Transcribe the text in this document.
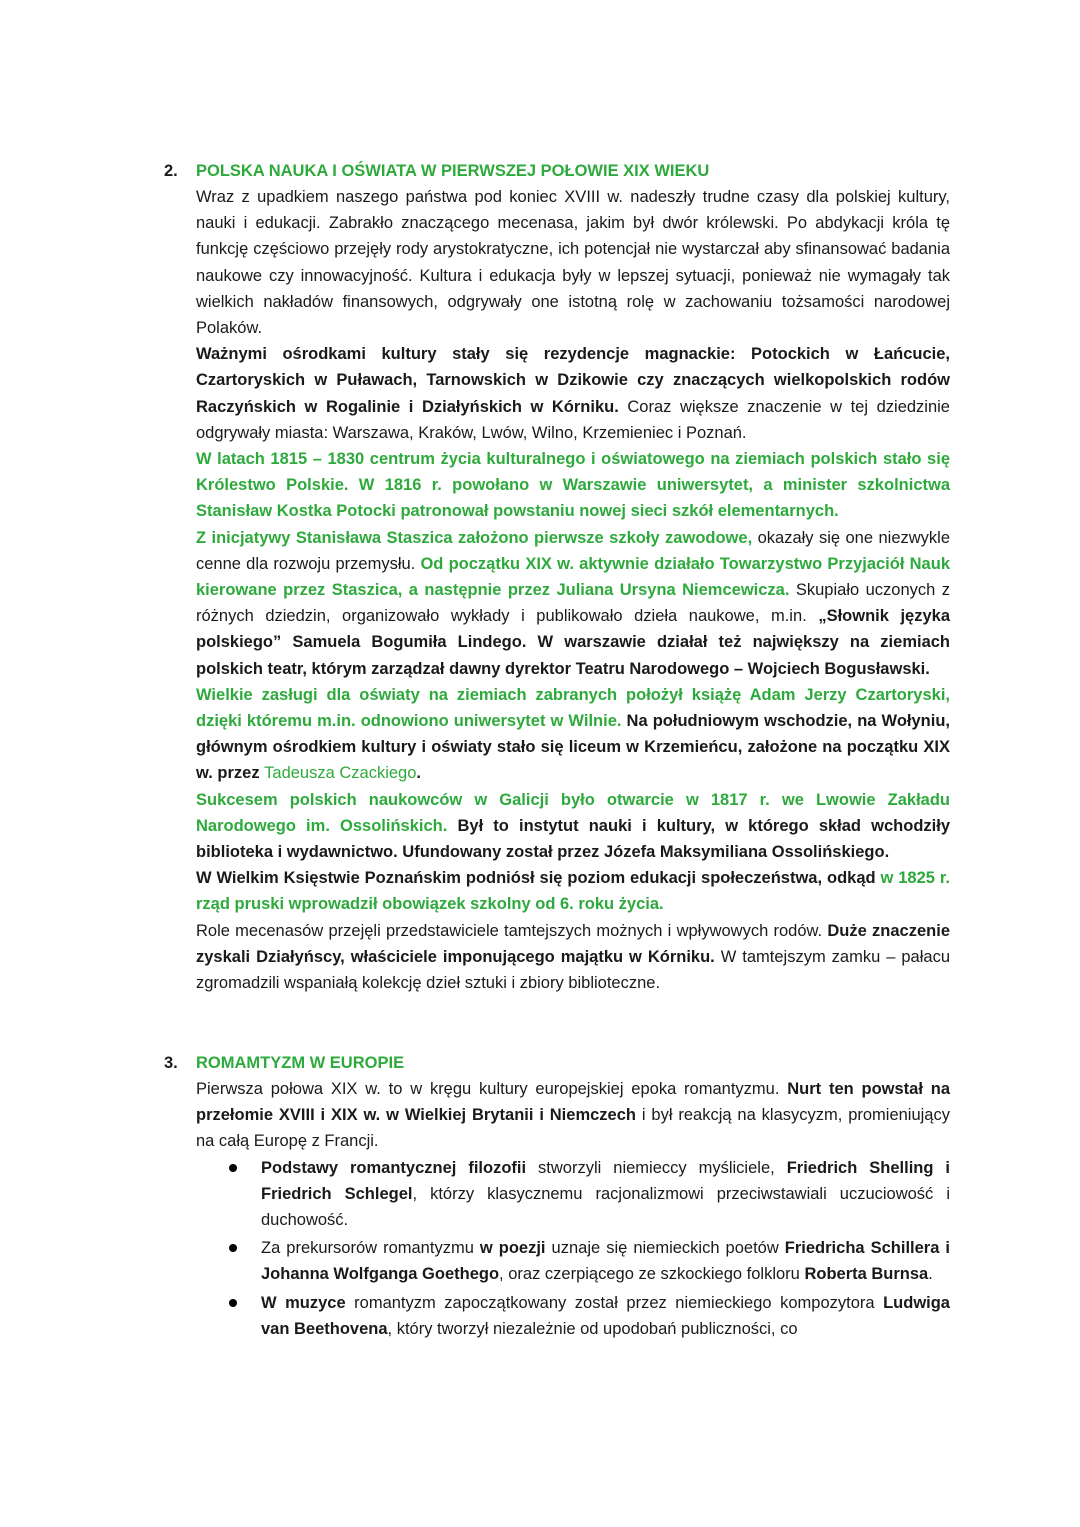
2. POLSKA NAUKA I OŚWIATA W PIERWSZEJ POŁOWIE XIX WIEKU

Wraz z upadkiem naszego państwa pod koniec XVIII w. nadeszły trudne czasy dla polskiej kultury, nauki i edukacji. Zabrakło znaczącego mecenasa, jakim był dwór królewski. Po abdykacji króla tę funkcję częściowo przejęły rody arystokratyczne, ich potencjał nie wystarczał aby sfinansować badania naukowe czy innowacyjność. Kultura i edukacja były w lepszej sytuacji, ponieważ nie wymagały tak wielkich nakładów finansowych, odgrywały one istotną rolę w zachowaniu tożsamości narodowej Polaków.

Ważnymi ośrodkami kultury stały się rezydencje magnackie: Potockich w Łańcucie, Czartoryskich w Puławach, Tarnowskich w Dzikowie czy znaczących wielkopolskich rodów Raczyńskich w Rogalinie i Działyńskich w Kórniku. Coraz większe znaczenie w tej dziedzinie odgrywały miasta: Warszawa, Kraków, Lwów, Wilno, Krzemieniec i Poznań.

W latach 1815 – 1830 centrum życia kulturalnego i oświatowego na ziemiach polskich stało się Królestwo Polskie. W 1816 r. powołano w Warszawie uniwersytet, a minister szkolnictwa Stanisław Kostka Potocki patronował powstaniu nowej sieci szkół elementarnych.

Z inicjatywy Stanisława Staszica założono pierwsze szkoły zawodowe, okazały się one niezwykle cenne dla rozwoju przemysłu. Od początku XIX w. aktywnie działało Towarzystwo Przyjaciół Nauk kierowane przez Staszica, a następnie przez Juliana Ursyna Niemcewicza. Skupiało uczonych z różnych dziedzin, organizowało wykłady i publikowało dzieła naukowe, m.in. „Słownik języka polskiego” Samuela Bogumiła Lindego. W warszawie działał też największy na ziemiach polskich teatr, którym zarządzał dawny dyrektor Teatru Narodowego – Wojciech Bogusławski.

Wielkie zasługi dla oświaty na ziemiach zabranych położył książę Adam Jerzy Czartoryski, dzięki któremu m.in. odnowiono uniwersytet w Wilnie. Na południowym wschodzie, na Wołyniu, głównym ośrodkiem kultury i oświaty stało się liceum w Krzemieńcu, założone na początku XIX w. przez Tadeusza Czackiego.

Sukcesem polskich naukowców w Galicji było otwarcie w 1817 r. we Lwowie Zakładu Narodowego im. Ossolińskich. Był to instytut nauki i kultury, w którego skład wchodziły biblioteka i wydawnictwo. Ufundowany został przez Józefa Maksymiliana Ossolińskiego.

W Wielkim Księstwie Poznańskim podniósł się poziom edukacji społeczeństwa, odkąd w 1825 r. rząd pruski wprowadził obowiązek szkolny od 6. roku życia.

Role mecenasów przejęli przedstawiciele tamtejszych możnych i wpływowych rodów. Duże znaczenie zyskali Działyńscy, właściciele imponującego majątku w Kórniku. W tamtejszym zamku – pałacu zgromadzili wspaniałą kolekcję dzieł sztuki i zbiory biblioteczne.

3. ROMAMTYZM W EUROPIE

Pierwsza połowa XIX w. to w kręgu kultury europejskiej epoka romantyzmu. Nurt ten powstał na przełomie XVIII i XIX w. w Wielkiej Brytanii i Niemczech i był reakcją na klasycyzm, promieniujący na całą Europę z Francji.

Podstawy romantycznej filozofii stworzyli niemieccy myśliciele, Friedrich Shelling i Friedrich Schlegel, którzy klasycznemu racjonalizmowi przeciwstawiali uczuciowość i duchowość.
Za prekursorów romantyzmu w poezji uznaje się niemieckich poetów Friedricha Schillera i Johanna Wolfganga Goethego, oraz czerpiącego ze szkockiego folkloru Roberta Burnsa.
W muzyce romantyzm zapoczątkowany został przez niemieckiego kompozytora Ludwiga van Beethovena, który tworzył niezależnie od upodobań publiczności, co
